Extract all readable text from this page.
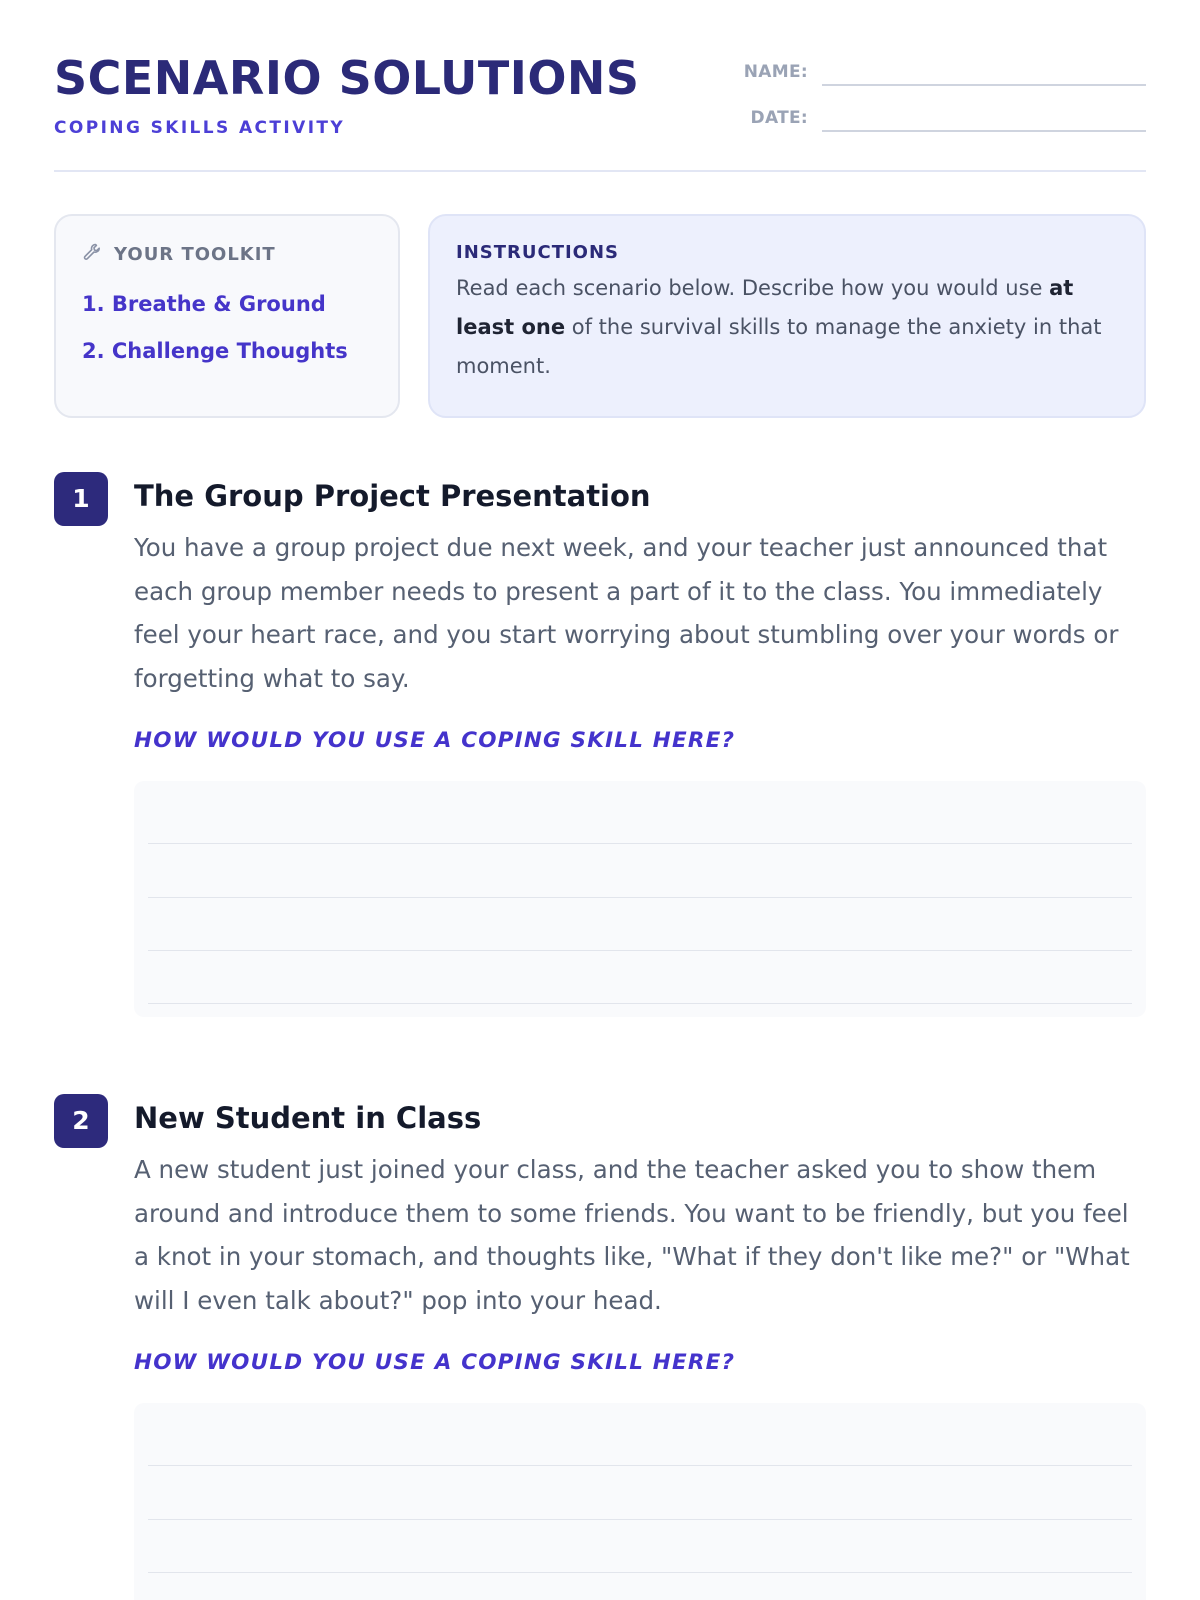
SCENARIO SOLUTIONS
COPING SKILLS ACTIVITY
NAME:
DATE:
YOUR TOOLKIT
1. Breathe & Ground
2. Challenge Thoughts
INSTRUCTIONS
Read each scenario below. Describe how you would use at least one of the survival skills to manage the anxiety in that moment.
1	The Group Project Presentation
You have a group project due next week, and your teacher just announced that each group member needs to present a part of it to the class. You immediately feel your heart race, and you start worrying about stumbling over your words or forgetting what to say.
HOW WOULD YOU USE A COPING SKILL HERE?
2	New Student in Class
A new student just joined your class, and the teacher asked you to show them around and introduce them to some friends. You want to be friendly, but you feel a knot in your stomach, and thoughts like, "What if they don't like me?" or "What will I even talk about?" pop into your head.
HOW WOULD YOU USE A COPING SKILL HERE?
